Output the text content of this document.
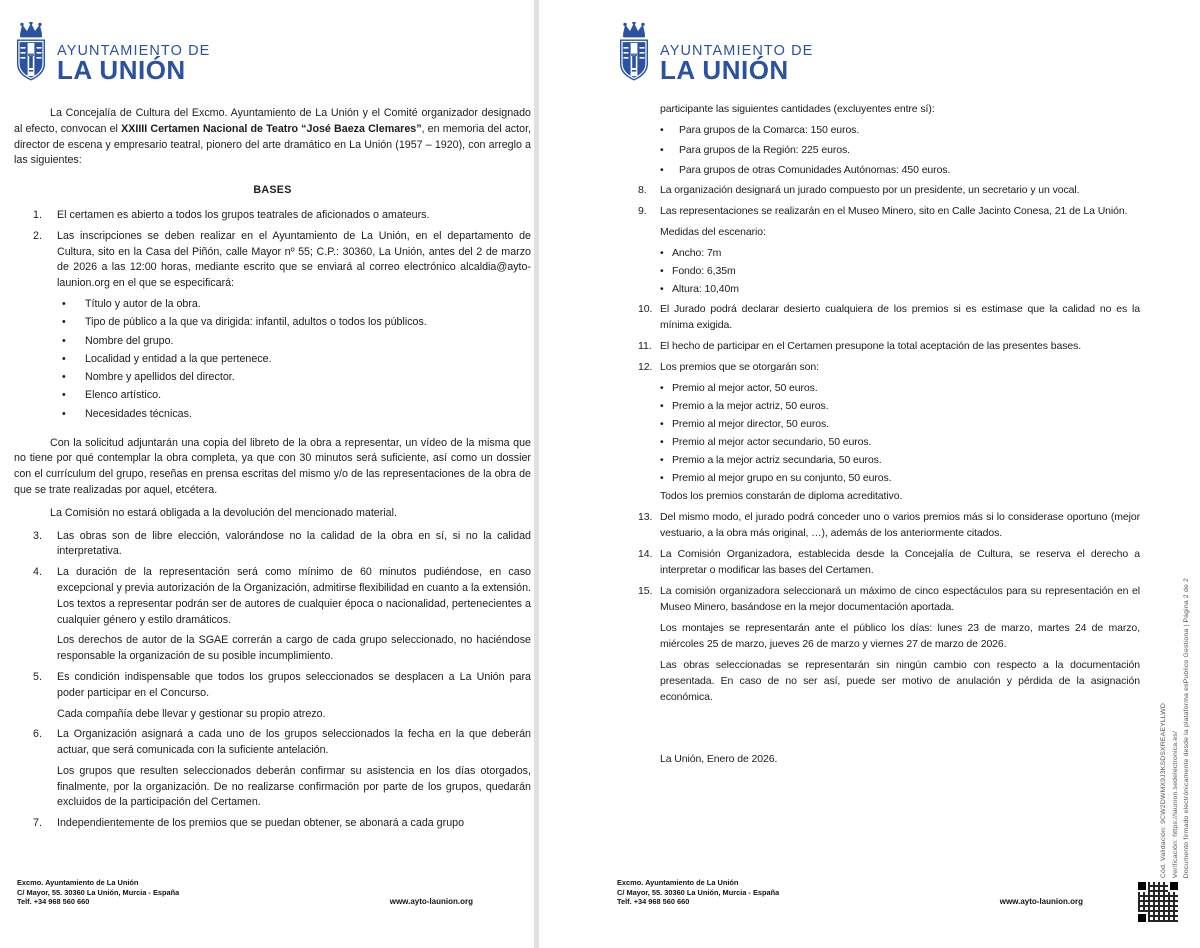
AYUNTAMIENTO DE
LA UNIÓN
La Concejalía de Cultura del Excmo. Ayuntamiento de La Unión y el Comité organizador designado al efecto, convocan el XXIIII Certamen Nacional de Teatro “José Baeza Clemares”, en memoria del actor, director de escena y empresario teatral, pionero del arte dramático en La Unión (1957 – 1920), con arreglo a las siguientes:
BASES
1.	El certamen es abierto a todos los grupos teatrales de aficionados o amateurs.
2.	Las inscripciones se deben realizar en el Ayuntamiento de La Unión, en el departamento de Cultura, sito en la Casa del Piñón, calle Mayor nº 55; C.P.: 30360, La Unión, antes del 2 de marzo de 2026 a las 12:00 horas, mediante escrito que se enviará al correo electrónico alcaldia@ayto-launion.org en el que se especificará:
•	Título y autor de la obra.
•	Tipo de público a la que va dirigida: infantil, adultos o todos los públicos.
•	Nombre del grupo.
•	Localidad y entidad a la que pertenece.
•	Nombre y apellidos del director.
•	Elenco artístico.
•	Necesidades técnicas.
Con la solicitud adjuntarán una copia del libreto de la obra a representar, un vídeo de la misma que no tiene por qué contemplar la obra completa, ya que con 30 minutos será suficiente, así como un dossier con el currículum del grupo, reseñas en prensa escritas del mismo y/o de las representaciones de la obra de que se trate realizadas por aquel, etcétera.
La Comisión no estará obligada a la devolución del mencionado material.
3.	Las obras son de libre elección, valorándose no la calidad de la obra en sí, si no la calidad interpretativa.
4.	La duración de la representación será como mínimo de 60 minutos pudiéndose, en caso excepcional y previa autorización de la Organización, admitirse flexibilidad en cuanto a la extensión. Los textos a representar podrán ser de autores de cualquier época o nacionalidad, pertenecientes a cualquier género y estilo dramáticos.
Los derechos de autor de la SGAE correrán a cargo de cada grupo seleccionado, no haciéndose responsable la organización de su posible incumplimiento.
5.	Es condición indispensable que todos los grupos seleccionados se desplacen a La Unión para poder participar en el Concurso.
Cada compañía debe llevar y gestionar su propio atrezo.
6.	La Organización asignará a cada uno de los grupos seleccionados la fecha en la que deberán actuar, que será comunicada con la suficiente antelación.
Los grupos que resulten seleccionados deberán confirmar su asistencia en los días otorgados, finalmente, por la organización. De no realizarse confirmación por parte de los grupos, quedarán excluidos de la participación del Certamen.
7.	Independientemente de los premios que se puedan obtener, se abonará a cada grupo
Excmo. Ayuntamiento de La Unión
C/ Mayor, 55. 30360 La Unión, Murcia - España
Telf. +34 968 560 660	www.ayto-launion.org
AYUNTAMIENTO DE
LA UNIÓN
participante las siguientes cantidades (excluyentes entre sí):
•	Para grupos de la Comarca: 150 euros.
•	Para grupos de la Región: 225 euros.
•	Para grupos de otras Comunidades Autónomas: 450 euros.
8.	La organización designará un jurado compuesto por un presidente, un secretario y un vocal.
9.	Las representaciones se realizarán en el Museo Minero, sito en Calle Jacinto Conesa, 21 de La Unión.
Medidas del escenario:
• Ancho: 7m
• Fondo: 6,35m
• Altura: 10,40m
10. El Jurado podrá declarar desierto cualquiera de los premios si es estimase que la calidad no es la mínima exigida.
11. El hecho de participar en el Certamen presupone la total aceptación de las presentes bases.
12. Los premios que se otorgarán son:
• Premio al mejor actor, 50 euros.
• Premio a la mejor actriz, 50 euros.
• Premio al mejor director, 50 euros.
• Premio al mejor actor secundario, 50 euros.
• Premio a la mejor actriz secundaria, 50 euros.
• Premio al mejor grupo en su conjunto, 50 euros.
Todos los premios constarán de diploma acreditativo.
13. Del mismo modo, el jurado podrá conceder uno o varios premios más si lo considerase oportuno (mejor vestuario, a la obra más original, …), además de los anteriormente citados.
14. La Comisión Organizadora, establecida desde la Concejalía de Cultura, se reserva el derecho a interpretar o modificar las bases del Certamen.
15. La comisión organizadora seleccionará un máximo de cinco espectáculos para su representación en el Museo Minero, basándose en la mejor documentación aportada.
Los montajes se representarán ante el público los días: lunes 23 de marzo, martes 24 de marzo, miércoles 25 de marzo, jueves 26 de marzo y viernes 27 de marzo de 2026.
Las obras seleccionadas se representarán sin ningún cambio con respecto a la documentación presentada. En caso de no ser así, puede ser motivo de anulación y pérdida de la asignación económica.
La Unión, Enero de 2026.
Excmo. Ayuntamiento de La Unión
C/ Mayor, 55. 30360 La Unión, Murcia - España
Telf. +34 968 560 660	www.ayto-launion.org
Cód. Validación: 9CW2DWMX9J3KSDSXREAEYLLWD Verificación: https://launion.sedelectronica.es/ Documento firmado electrónicamente desde la plataforma esPublico Gestiona | Página 2 de 2
